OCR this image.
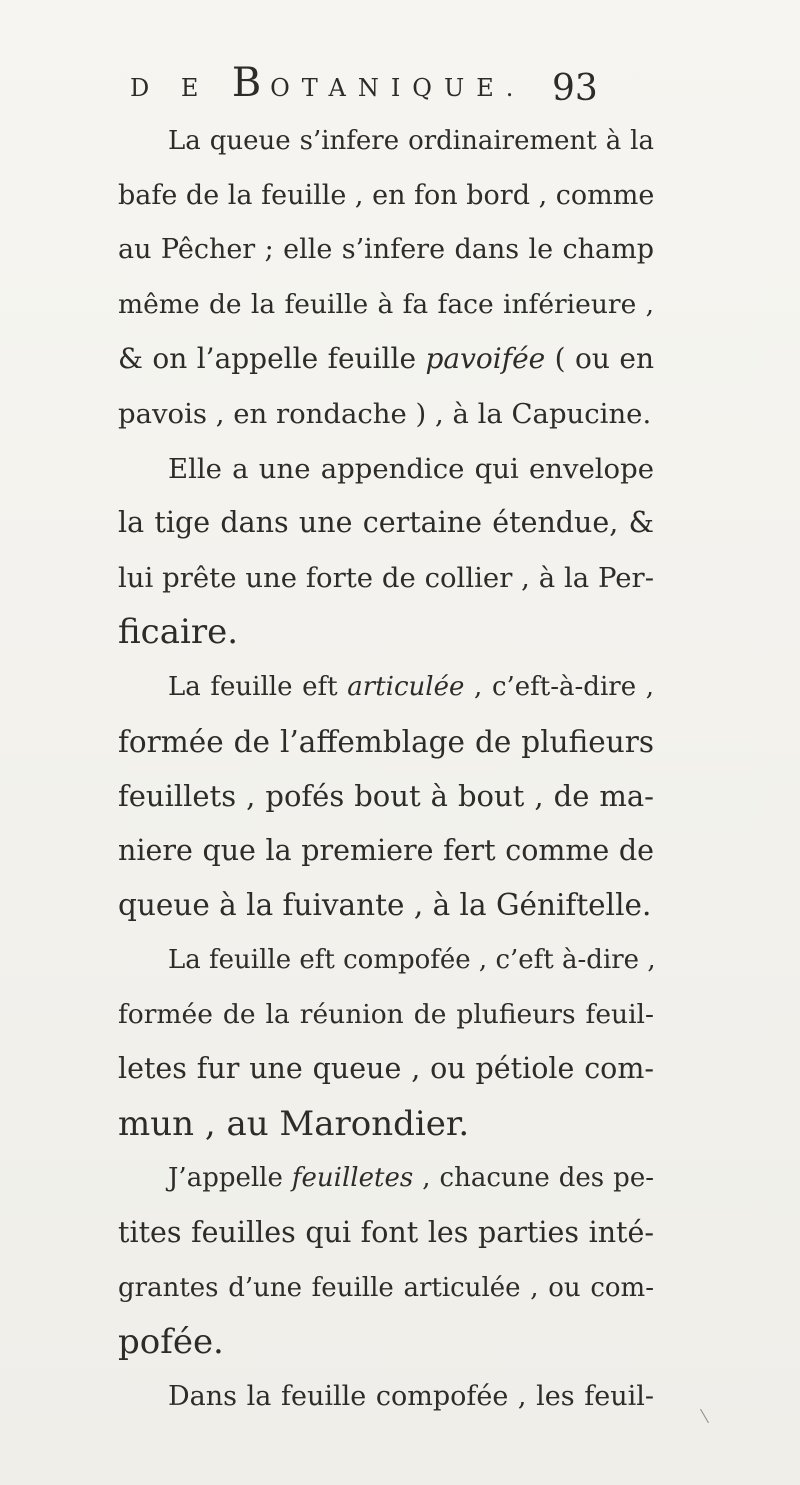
D E BOTANIQUE. 93
La queue s’infere ordinairement à la
bafe de la feuille , en fon bord , comme
au Pêcher ; elle s’infere dans le champ
même de la feuille à fa face inférieure ,
& on l’appelle feuille pavoifée ( ou en
pavois , en rondache ) , à la Capucine.
Elle a une appendice qui envelope
la tige dans une certaine étendue, &
lui prête une forte de collier , à la Per-
ficaire.
La feuille eft articulée , c’eft-à-dire ,
formée de l’affemblage de plufieurs
feuillets , pofés bout à bout , de ma-
niere que la premiere fert comme de
queue à la fuivante , à la Géniftelle.
La feuille eft compofée , c’eft à-dire ,
formée de la réunion de plufieurs feuil-
letes fur une queue , ou pétiole com-
mun , au Marondier.
J’appelle feuilletes , chacune des pe-
tites feuilles qui font les parties inté-
grantes d’une feuille articulée , ou com-
pofée.
Dans la feuille compofée , les feuil-
